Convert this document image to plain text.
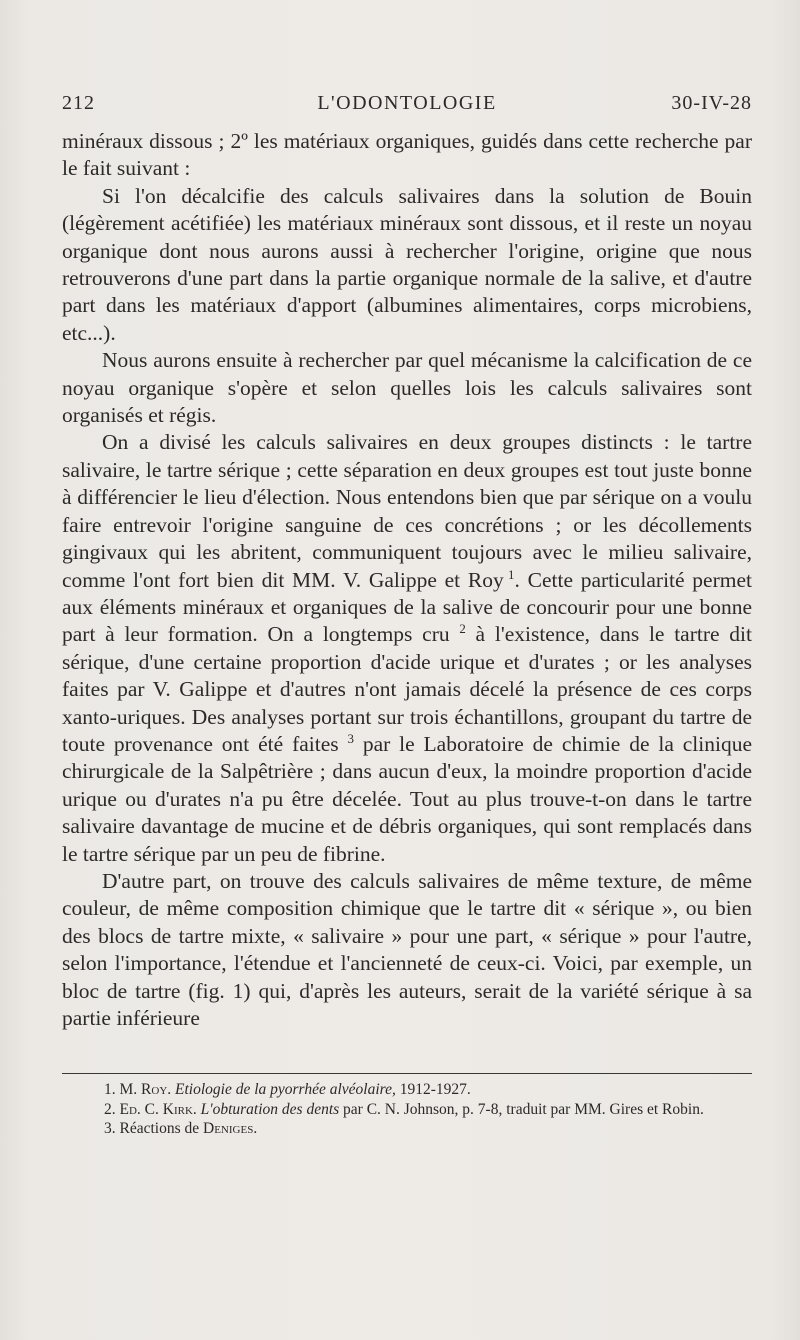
L'ODONTOLOGIE
212	30-IV-28

minéraux dissous ; 2º les matériaux organiques, guidés dans cette recherche par le fait suivant :

Si l'on décalcifie des calculs salivaires dans la solution de Bouin (légèrement acétifiée) les matériaux minéraux sont dissous, et il reste un noyau organique dont nous aurons aussi à rechercher l'origine, origine que nous retrouverons d'une part dans la partie organique normale de la salive, et d'autre part dans les matériaux d'apport (albumines alimentaires, corps microbiens, etc...).

Nous aurons ensuite à rechercher par quel mécanisme la calcification de ce noyau organique s'opère et selon quelles lois les calculs salivaires sont organisés et régis.

On a divisé les calculs salivaires en deux groupes distincts : le tartre salivaire, le tartre sérique ; cette séparation en deux groupes est tout juste bonne à différencier le lieu d'élection. Nous entendons bien que par sérique on a voulu faire entrevoir l'origine sanguine de ces concrétions ; or les décollements gingivaux qui les abritent, communiquent toujours avec le milieu salivaire, comme l'ont fort bien dit MM. V. Galippe et Roy  $^1$. Cette particularité permet aux éléments minéraux et organiques de la salive de concourir pour une bonne part à leur formation. On a longtemps cru $^2$ à l'existence, dans le tartre dit sérique, d'une certaine proportion d'acide urique et d'urates ; or les analyses faites par V. Galippe et d'autres n'ont jamais décelé la présence de ces corps xanto-uriques. Des analyses portant sur trois échantillons, groupant du tartre de toute provenance ont été faites $^3$ par le Laboratoire de chimie de la clinique chirurgicale de la Salpêtrière ; dans aucun d'eux, la moindre proportion d'acide urique ou d'urates n'a pu être décelée. Tout au plus trouve-t-on dans le tartre salivaire davantage de mucine et de débris organiques, qui sont remplacés dans le tartre sérique par un peu de fibrine.

D'autre part, on trouve des calculs salivaires de même texture, de même couleur, de même composition chimique que le tartre dit « sérique », ou bien des blocs de tartre mixte, « salivaire » pour une part, « sérique » pour l'autre, selon l'importance, l'étendue et l'ancienneté de ceux-ci. Voici, par exemple, un bloc de tartre (fig. 1) qui, d'après les auteurs, serait de la variété sérique à sa partie inférieure

1. M. Roy. Etiologie de la pyorrhée alvéolaire, 1912-1927.

2. Ed. C. Kirk. L'obturation des dents par C. N. Johnson, p. 7-8, traduit par MM. Gires et Robin.

3. Réactions de Deniges.
